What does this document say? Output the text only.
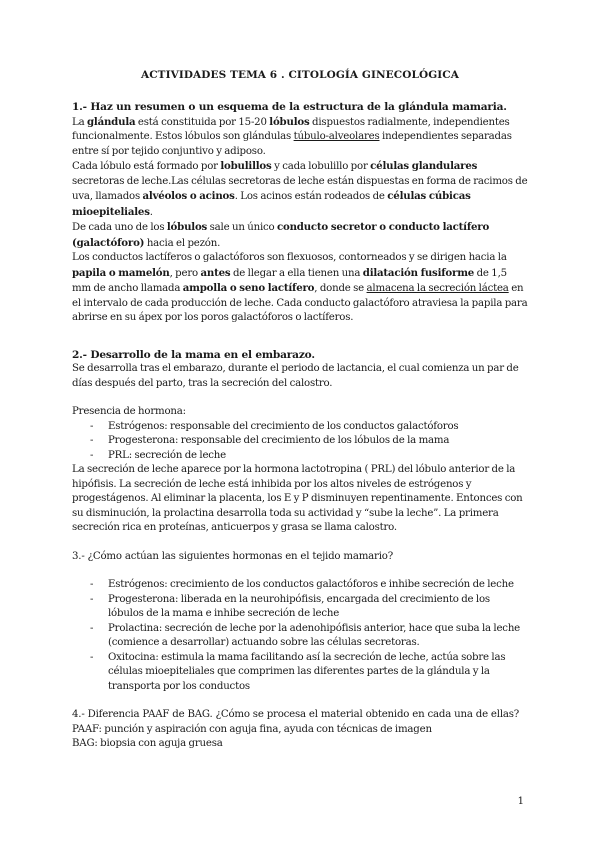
ACTIVIDADES TEMA 6 . CITOLOGÍA GINECOLÓGICA
1.- Haz un resumen o un esquema de la estructura de la glándula mamaria.

La glándula está constituida por 15-20 lóbulos dispuestos radialmente, independientes funcionalmente. Estos lóbulos son glándulas túbulo-alveolares independientes separadas entre sí por tejido conjuntivo y adiposo.

Cada lóbulo está formado por lobulillos y cada lobulillo por células glandulares secretoras de leche.Las células secretoras de leche están dispuestas en forma de racimos de uva, llamados alvéolos o acinos. Los acinos están rodeados de células cúbicas mioepiteliales.

De cada uno de los lóbulos sale un único conducto secretor o conducto lactífero (galactóforo) hacia el pezón.

Los conductos lactíferos o galactóforos son flexuosos, contorneados y se dirigen hacia la papila o mamelón, pero antes de llegar a ella tienen una dilatación fusiforme de 1,5 mm de ancho llamada ampolla o seno lactífero, donde se almacena la secreción láctea en el intervalo de cada producción de leche. Cada conducto galactóforo atraviesa la papila para abrirse en su ápex por los poros galactóforos o lactíferos.

2.- Desarrollo de la mama en el embarazo.

Se desarrolla tras el embarazo, durante el periodo de lactancia, el cual comienza un par de días después del parto, tras la secreción del calostro.

Presencia de hormona:

- Estrógenos: responsable del crecimiento de los conductos galactóforos
- Progesterona: responsable del crecimiento de los lóbulos de la mama
- PRL: secreción de leche

La secreción de leche aparece por la hormona lactotropina ( PRL) del lóbulo anterior de la hipófisis. La secreción de leche está inhibida por los altos niveles de estrógenos y progestágenos. Al eliminar la placenta, los E y P disminuyen repentinamente. Entonces con su disminución, la prolactina desarrolla toda su actividad y “sube la leche”. La primera secreción rica en proteínas, anticuerpos y grasa se llama calostro.

3.- ¿Cómo actúan las siguientes hormonas en el tejido mamario?
- Estrógenos: crecimiento de los conductos galactóforos e inhibe secreción de leche
- Progesterona: liberada en la neurohipófisis, encargada del crecimiento de los lóbulos de la mama e inhibe secreción de leche
- Prolactina: secreción de leche por la adenohipófisis anterior, hace que suba la leche (comience a desarrollar) actuando sobre las células secretoras.
- Oxitocina: estimula la mama facilitando así la secreción de leche, actúa sobre las células mioepiteliales que comprimen las diferentes partes de la glándula y la transporta por los conductos
4.- Diferencia PAAF de BAG. ¿Cómo se procesa el material obtenido en cada una de ellas?

PAAF: punción y aspiración con aguja fina, ayuda con técnicas de imagen

BAG: biopsia con aguja gruesa

1
